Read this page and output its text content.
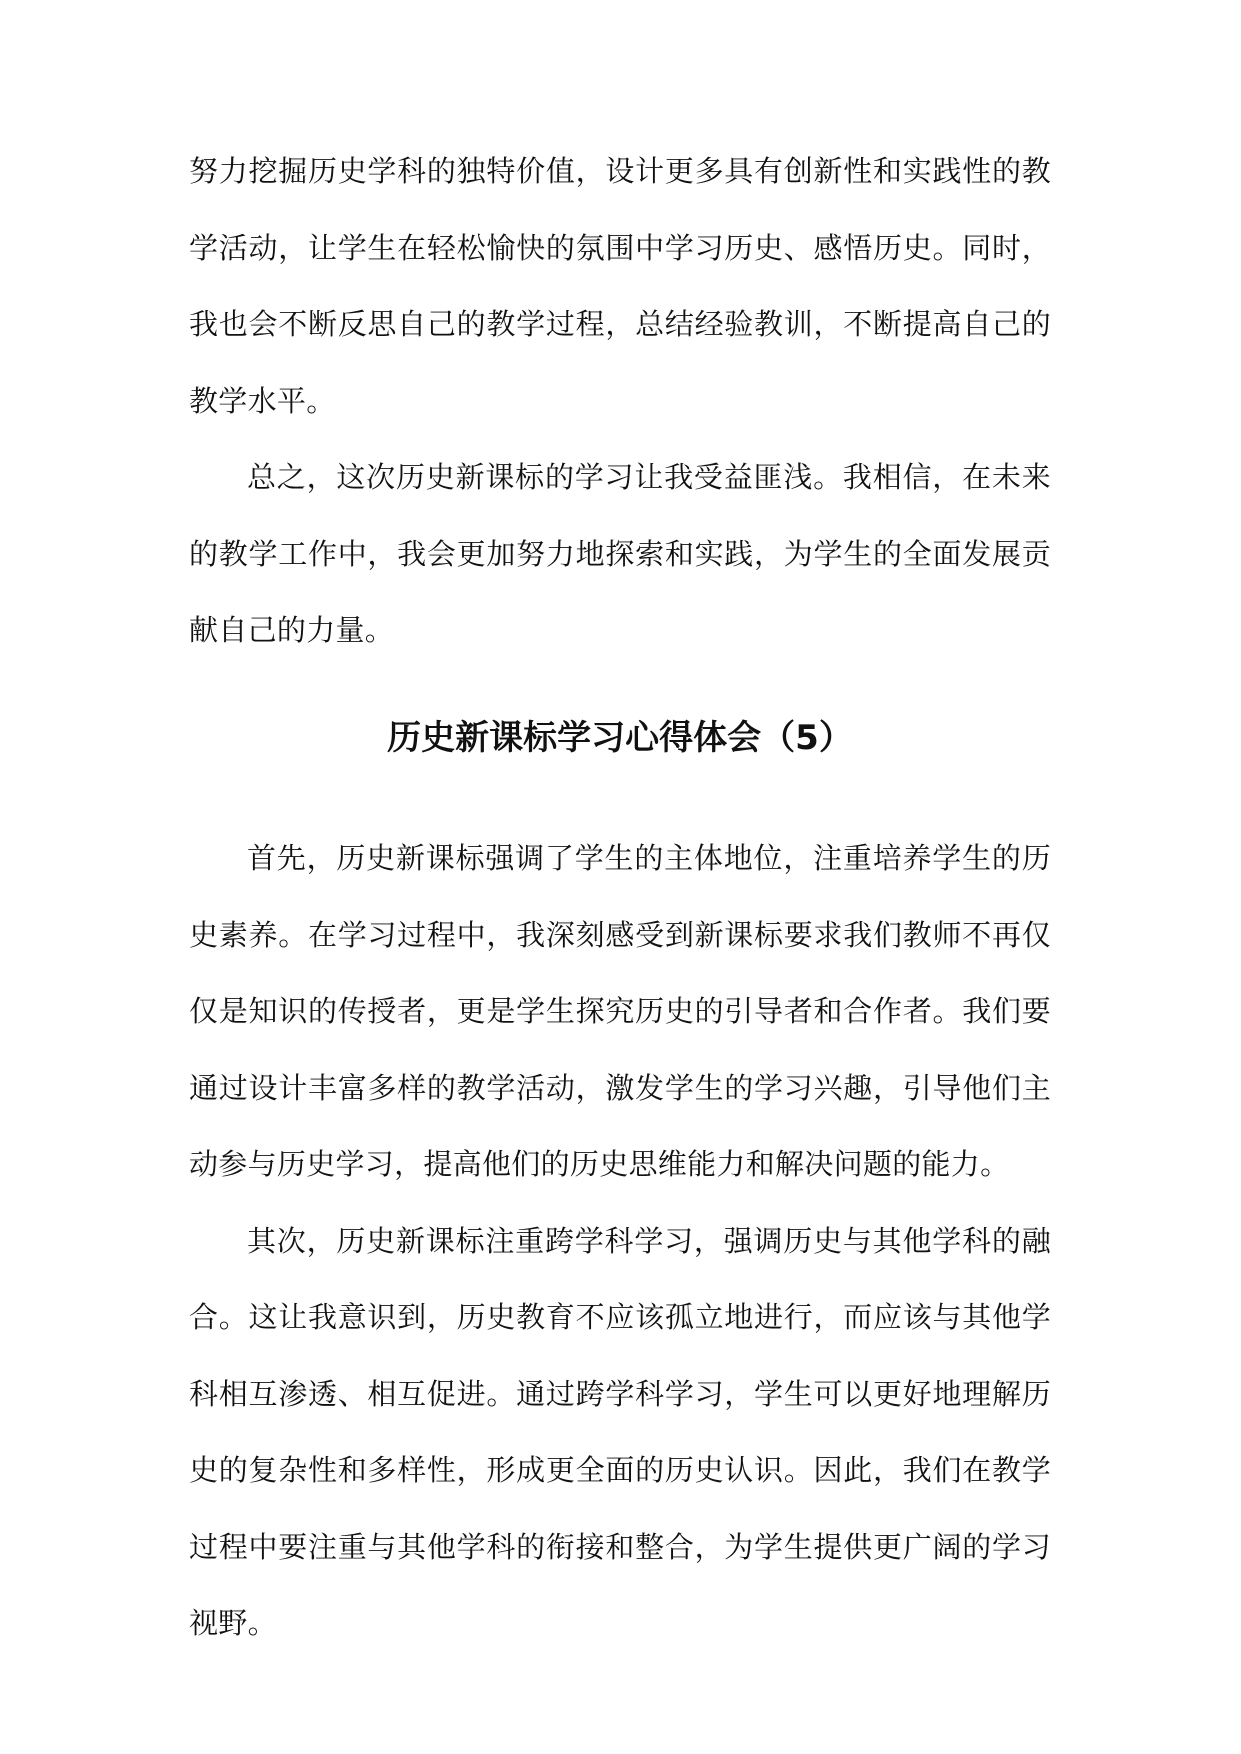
努力挖掘历史学科的独特价值，设计更多具有创新性和实践性的教学活动，让学生在轻松愉快的氛围中学习历史、感悟历史。同时，我也会不断反思自己的教学过程，总结经验教训，不断提高自己的教学水平。

总之，这次历史新课标的学习让我受益匪浅。我相信，在未来的教学工作中，我会更加努力地探索和实践，为学生的全面发展贡献自己的力量。

历史新课标学习心得体会（5）

首先，历史新课标强调了学生的主体地位，注重培养学生的历史素养。在学习过程中，我深刻感受到新课标要求我们教师不再仅仅是知识的传授者，更是学生探究历史的引导者和合作者。我们要通过设计丰富多样的教学活动，激发学生的学习兴趣，引导他们主动参与历史学习，提高他们的历史思维能力和解决问题的能力。

其次，历史新课标注重跨学科学习，强调历史与其他学科的融合。这让我意识到，历史教育不应该孤立地进行，而应该与其他学科相互渗透、相互促进。通过跨学科学习，学生可以更好地理解历史的复杂性和多样性，形成更全面的历史认识。因此，我们在教学过程中要注重与其他学科的衔接和整合，为学生提供更广阔的学习视野。
